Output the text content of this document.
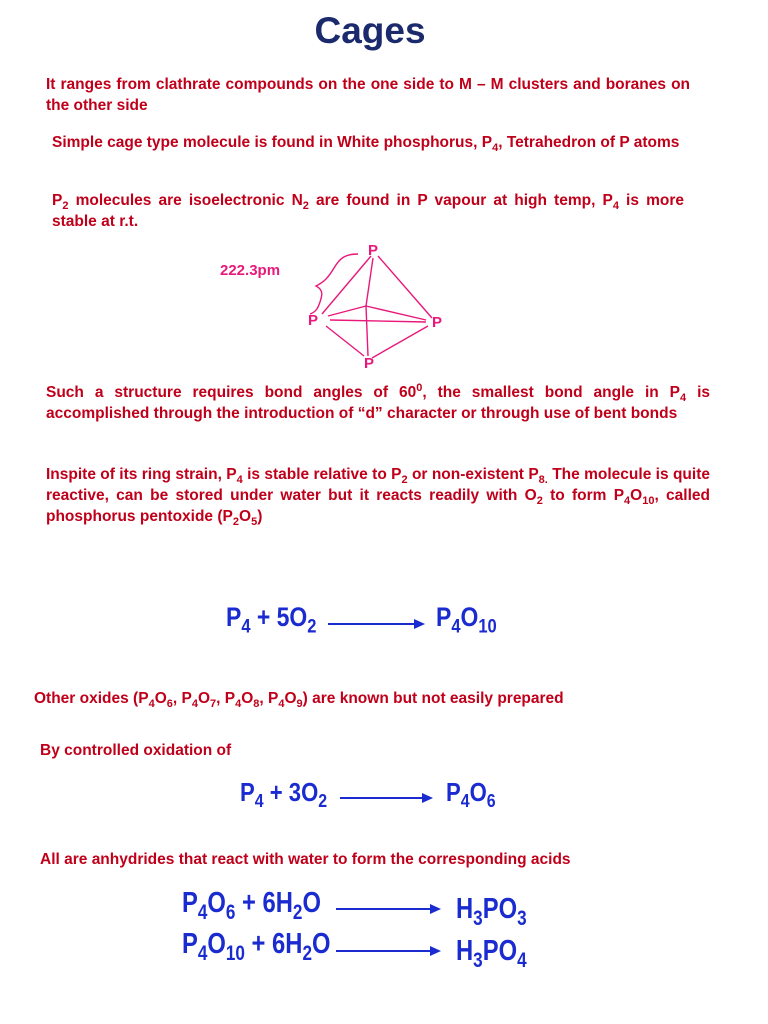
Cages

It ranges from clathrate compounds on the one side to M – M clusters and boranes on the other side

Simple cage type molecule is found in White phosphorus, $P_4$, Tetrahedron of P atoms

$P_2$ molecules are isoelectronic $N_2$ are found in P vapour at high temp, $P_4$ is more stable at r.t.

P
P	P
P
222.3pm

Such a structure requires bond angles of $60^0$, the smallest bond angle in $P_4$ is accomplished through the introduction of “d” character or through use of bent bonds

Inspite of its ring strain, $P_4$ is stable relative to $P_2$ or non-existent $P_{8.}$ The molecule is quite reactive, can be stored under water but it reacts readily with $O_2$ to form $P_4O_{10}$, called phosphorus pentoxide $(P_2O_5)$

$P_4 + 5O_2$	$P_4O_{10}$

Other oxides ($P_4O_6$, $P_4O_7$, $P_4O_8$, $P_4O_9$) are known but not easily prepared

By controlled oxidation of

$P_4 + 3O_2$	$P_4O_6$

All are anhydrides that react with water to form the corresponding acids

$P_4O_6 + 6H_2O$	$H_3PO_3$
$P_4O_{10} + 6H_2O$	$H_3PO_4$
